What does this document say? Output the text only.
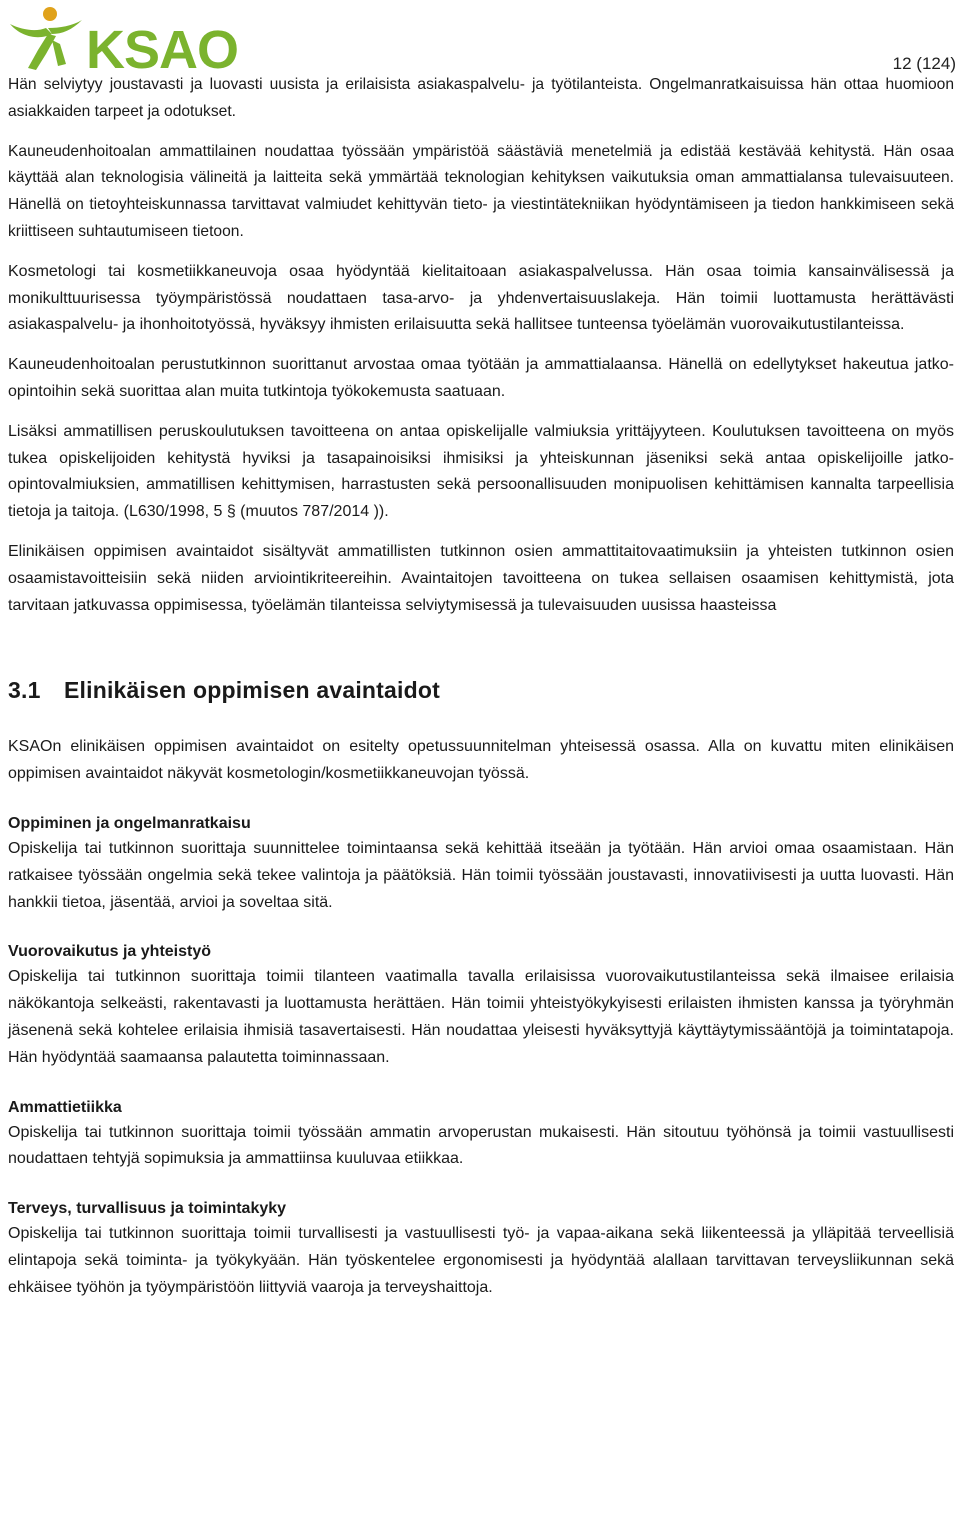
KSAO	12 (124)

Hän selviytyy joustavasti ja luovasti uusista ja erilaisista asiakaspalvelu- ja työtilanteista. Ongelmanratkaisuissa hän ottaa huomioon asiakkaiden tarpeet ja odotukset.

Kauneudenhoitoalan ammattilainen noudattaa työssään ympäristöä säästäviä menetelmiä ja edistää kestävää kehitystä. Hän osaa käyttää alan teknologisia välineitä ja laitteita sekä ymmärtää teknologian kehityksen vaikutuksia oman ammattialansa tulevaisuuteen. Hänellä on tietoyhteiskunnassa tarvittavat valmiudet kehittyvän tieto- ja viestintätekniikan hyödyntämiseen ja tiedon hankkimiseen sekä kriittiseen suhtautumiseen tietoon.

Kosmetologi tai kosmetiikkaneuvoja osaa hyödyntää kielitaitoaan asiakaspalvelussa. Hän osaa toimia kansainvälisessä ja monikulttuurisessa työympäristössä noudattaen tasa-arvo- ja yhdenvertaisuuslakeja. Hän toimii luottamusta herättävästi asiakaspalvelu- ja ihonhoitotyössä, hyväksyy ihmisten erilaisuutta sekä hallitsee tunteensa työelämän vuorovaikutustilanteissa.

Kauneudenhoitoalan perustutkinnon suorittanut arvostaa omaa työtään ja ammattialaansa. Hänellä on edellytykset hakeutua jatko-opintoihin sekä suorittaa alan muita tutkintoja työkokemusta saatuaan.

Lisäksi ammatillisen peruskoulutuksen tavoitteena on antaa opiskelijalle valmiuksia yrittäjyyteen. Koulutuksen tavoitteena on myös tukea opiskelijoiden kehitystä hyviksi ja tasapainoisiksi ihmisiksi ja yhteiskunnan jäseniksi sekä antaa opiskelijoille jatko-opintovalmiuksien, ammatillisen kehittymisen, harrastusten sekä persoonallisuuden monipuolisen kehittämisen kannalta tarpeellisia tietoja ja taitoja. (L630/1998, 5 § (muutos 787/2014 )).

Elinikäisen oppimisen avaintaidot sisältyvät ammatillisten tutkinnon osien ammattitaitovaatimuksiin ja yhteisten tutkinnon osien osaamistavoitteisiin sekä niiden arviointikriteereihin. Avaintaitojen tavoitteena on tukea sellaisen osaamisen kehittymistä, jota tarvitaan jatkuvassa oppimisessa, työelämän tilanteissa selviytymisessä ja tulevaisuuden uusissa haasteissa

3.1 Elinikäisen oppimisen avaintaidot

KSAOn elinikäisen oppimisen avaintaidot on esitelty opetussuunnitelman yhteisessä osassa. Alla on kuvattu miten elinikäisen oppimisen avaintaidot näkyvät kosmetologin/kosmetiikkaneuvojan työssä.

Oppiminen ja ongelmanratkaisu

Opiskelija tai tutkinnon suorittaja suunnittelee toimintaansa sekä kehittää itseään ja työtään. Hän arvioi omaa osaamistaan. Hän ratkaisee työssään ongelmia sekä tekee valintoja ja päätöksiä. Hän toimii työssään joustavasti, innovatiivisesti ja uutta luovasti. Hän hankkii tietoa, jäsentää, arvioi ja soveltaa sitä.

Vuorovaikutus ja yhteistyö

Opiskelija tai tutkinnon suorittaja toimii tilanteen vaatimalla tavalla erilaisissa vuorovaikutustilanteissa sekä ilmaisee erilaisia näkökantoja selkeästi, rakentavasti ja luottamusta herättäen. Hän toimii yhteistyökykyisesti erilaisten ihmisten kanssa ja työryhmän jäsenenä sekä kohtelee erilaisia ihmisiä tasavertaisesti. Hän noudattaa yleisesti hyväksyttyjä käyttäytymissääntöjä ja toimintatapoja. Hän hyödyntää saamaansa palautetta toiminnassaan.

Ammattietiikka

Opiskelija tai tutkinnon suorittaja toimii työssään ammatin arvoperustan mukaisesti. Hän sitoutuu työhönsä ja toimii vastuullisesti noudattaen tehtyjä sopimuksia ja ammattiinsa kuuluvaa etiikkaa.

Terveys, turvallisuus ja toimintakyky

Opiskelija tai tutkinnon suorittaja toimii turvallisesti ja vastuullisesti työ- ja vapaa-aikana sekä liikenteessä ja ylläpitää terveellisiä elintapoja sekä toiminta- ja työkykyään. Hän työskentelee ergonomisesti ja hyödyntää alallaan tarvittavan terveysliikunnan sekä ehkäisee työhön ja työympäristöön liittyviä vaaroja ja terveyshaittoja.
